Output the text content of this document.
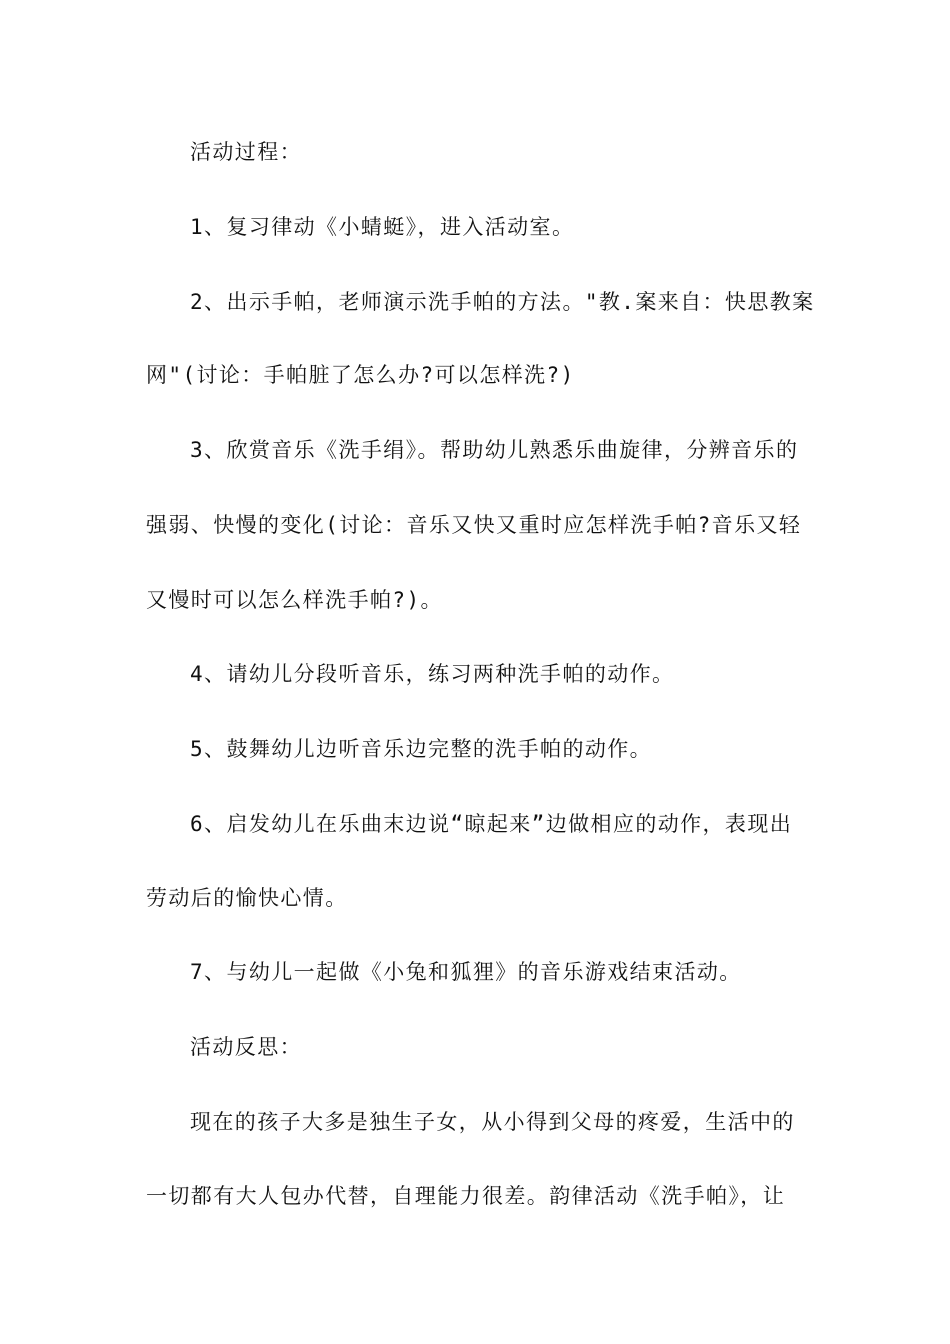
活动过程：
1、复习律动《小蜻蜓》，进入活动室。
2、出示手帕，老师演示洗手帕的方法。"教.案来自：快思教案
网"(讨论：手帕脏了怎么办?可以怎样洗?)
3、欣赏音乐《洗手绢》。帮助幼儿熟悉乐曲旋律，分辨音乐的
强弱、快慢的变化(讨论：音乐又快又重时应怎样洗手帕?音乐又轻
又慢时可以怎么样洗手帕?)。
4、请幼儿分段听音乐，练习两种洗手帕的动作。
5、鼓舞幼儿边听音乐边完整的洗手帕的动作。
6、启发幼儿在乐曲末边说“晾起来”边做相应的动作，表现出
劳动后的愉快心情。
7、与幼儿一起做《小兔和狐狸》的音乐游戏结束活动。
活动反思：
现在的孩子大多是独生子女，从小得到父母的疼爱，生活中的
一切都有大人包办代替，自理能力很差。韵律活动《洗手帕》，让
